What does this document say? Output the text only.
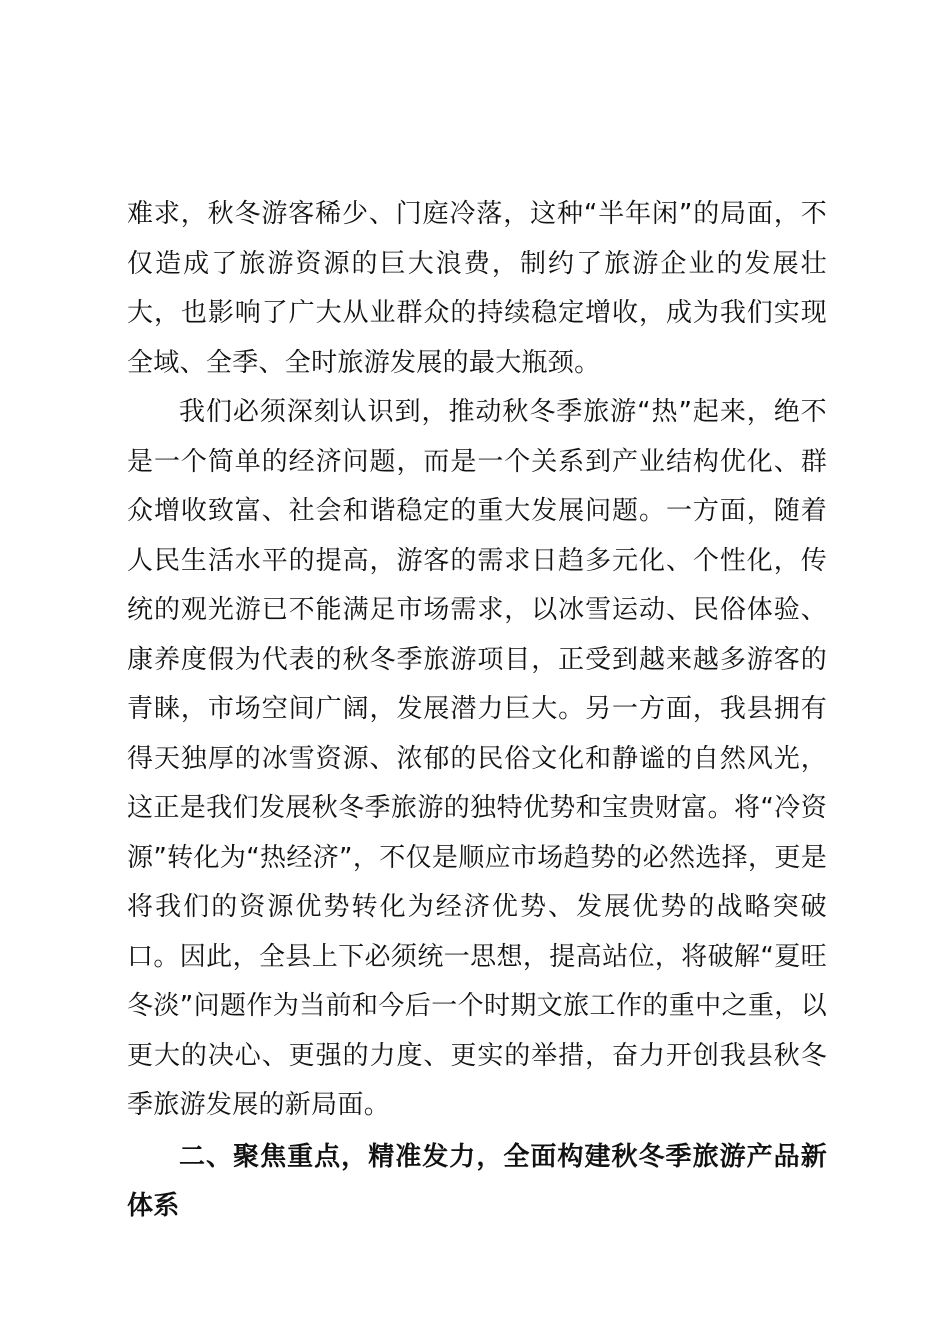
难求，秋冬游客稀少、门庭冷落，这种“半年闲”的局面，不仅造成了旅游资源的巨大浪费，制约了旅游企业的发展壮大，也影响了广大从业群众的持续稳定增收，成为我们实现全域、全季、全时旅游发展的最大瓶颈。

我们必须深刻认识到，推动秋冬季旅游“热”起来，绝不是一个简单的经济问题，而是一个关系到产业结构优化、群众增收致富、社会和谐稳定的重大发展问题。一方面，随着人民生活水平的提高，游客的需求日趋多元化、个性化，传统的观光游已不能满足市场需求，以冰雪运动、民俗体验、康养度假为代表的秋冬季旅游项目，正受到越来越多游客的青睐，市场空间广阔，发展潜力巨大。另一方面，我县拥有得天独厚的冰雪资源、浓郁的民俗文化和静谧的自然风光，这正是我们发展秋冬季旅游的独特优势和宝贵财富。将“冷资源”转化为“热经济”，不仅是顺应市场趋势的必然选择，更是将我们的资源优势转化为经济优势、发展优势的战略突破口。因此，全县上下必须统一思想，提高站位，将破解“夏旺冬淡”问题作为当前和今后一个时期文旅工作的重中之重，以更大的决心、更强的力度、更实的举措，奋力开创我县秋冬季旅游发展的新局面。

二、聚焦重点，精准发力，全面构建秋冬季旅游产品新体系
